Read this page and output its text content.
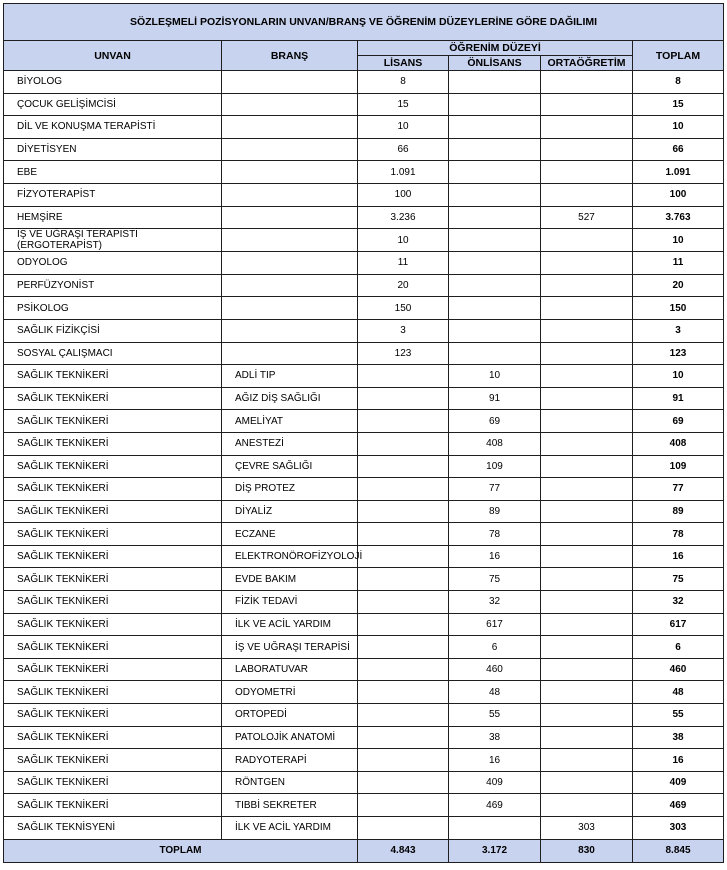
SÖZLEŞMELİ POZİSYONLARIN UNVAN/BRANŞ VE ÖĞRENİM DÜZEYLERİNE GÖRE DAĞILIMI					
UNVAN	BRANŞ	ÖĞRENİM DÜZEYİ			TOPLAM
		LİSANS	ÖNLİSANS	ORTAÖĞRETİM	
BİYOLOG		8			8
ÇOCUK GELİŞİMCİSİ		15			15
DİL VE KONUŞMA TERAPİSTİ		10			10
DİYETİSYEN		66			66
EBE		1.091			1.091
FİZYOTERAPİST		100			100
HEMŞİRE		3.236		527	3.763
İŞ VE UĞRAŞI TERAPİSTİ (ERGOTERAPİST)		10			10
ODYOLOG		11			11
PERFÜZYONİST		20			20
PSİKOLOG		150			150
SAĞLIK FİZİKÇİSİ		3			3
SOSYAL ÇALIŞMACI		123			123
SAĞLIK TEKNİKERİ	ADLİ TIP		10		10
SAĞLIK TEKNİKERİ	AĞIZ DİŞ SAĞLIĞI		91		91
SAĞLIK TEKNİKERİ	AMELİYAT		69		69
SAĞLIK TEKNİKERİ	ANESTEZİ		408		408
SAĞLIK TEKNİKERİ	ÇEVRE SAĞLIĞI		109		109
SAĞLIK TEKNİKERİ	DİŞ PROTEZ		77		77
SAĞLIK TEKNİKERİ	DİYALİZ		89		89
SAĞLIK TEKNİKERİ	ECZANE		78		78
SAĞLIK TEKNİKERİ	ELEKTRONÖROFİZYOLOJİ		16		16
SAĞLIK TEKNİKERİ	EVDE BAKIM		75		75
SAĞLIK TEKNİKERİ	FİZİK TEDAVİ		32		32
SAĞLIK TEKNİKERİ	İLK VE ACİL YARDIM		617		617
SAĞLIK TEKNİKERİ	İŞ VE UĞRAŞI TERAPİSİ		6		6
SAĞLIK TEKNİKERİ	LABORATUVAR		460		460
SAĞLIK TEKNİKERİ	ODYOMETRİ		48		48
SAĞLIK TEKNİKERİ	ORTOPEDİ		55		55
SAĞLIK TEKNİKERİ	PATOLOJİK ANATOMİ		38		38
SAĞLIK TEKNİKERİ	RADYOTERAPİ		16		16
SAĞLIK TEKNİKERİ	RÖNTGEN		409		409
SAĞLIK TEKNİKERİ	TIBBİ SEKRETER		469		469
SAĞLIK TEKNİSYENİ	İLK VE ACİL YARDIM			303	303
TOPLAM		4.843	3.172	830	8.845
